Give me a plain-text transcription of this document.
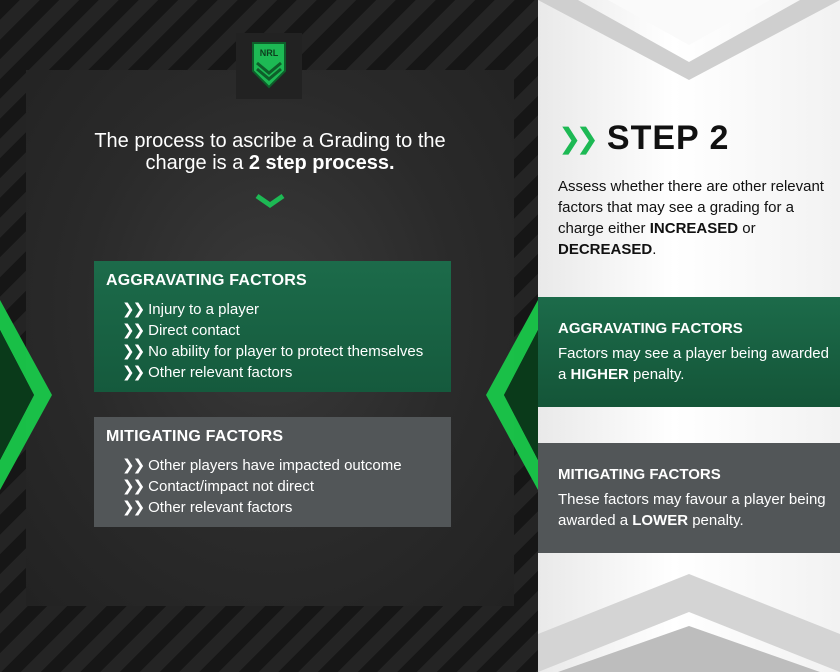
NRL
The process to ascribe a Grading to the
charge is a 2 step process.
AGGRAVATING FACTORS
❯❯ Injury to a player
❯❯ Direct contact
❯❯ No ability for player to protect themselves
❯❯ Other relevant factors
MITIGATING FACTORS
❯❯ Other players have impacted outcome
❯❯ Contact/impact not direct
❯❯ Other relevant factors
❯❯ STEP 2
Assess whether there are other relevant factors that may see a grading for a charge either INCREASED or DECREASED.
AGGRAVATING FACTORS
Factors may see a player being awarded a HIGHER penalty.
MITIGATING FACTORS
These factors may favour a player being awarded a LOWER penalty.
